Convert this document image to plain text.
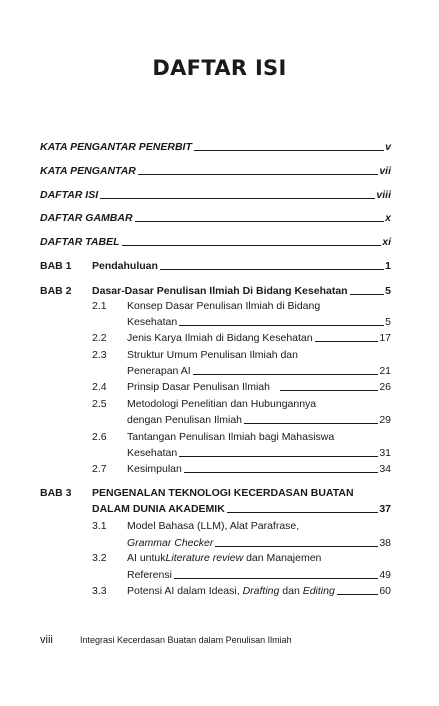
DAFTAR ISI
KATA PENGANTAR PENERBIT	v
KATA PENGANTAR	vii
DAFTAR ISI	viii
DAFTAR GAMBAR	x
DAFTAR TABEL	xi
BAB 1	Pendahuluan	1
BAB 2	Dasar-Dasar Penulisan Ilmiah Di Bidang Kesehatan	5
2.1	Konsep Dasar Penulisan Ilmiah di Bidang
Kesehatan	5
2.2	Jenis Karya Ilmiah di Bidang Kesehatan	17
2.3	Struktur Umum Penulisan Ilmiah dan
Penerapan AI	21
2.4	Prinsip Dasar Penulisan Ilmiah	26
2.5	Metodologi Penelitian dan Hubungannya
dengan Penulisan Ilmiah	29
2.6	Tantangan Penulisan Ilmiah bagi Mahasiswa
Kesehatan	31
2.7	Kesimpulan	34
BAB 3	PENGENALAN TEKNOLOGI KECERDASAN BUATAN
DALAM DUNIA AKADEMIK	37
3.1	Model Bahasa (LLM), Alat Parafrase,
Grammar Checker	38
3.2	AI untuk Literature review dan Manajemen
Referensi	49
3.3	Potensi AI dalam Ideasi, Drafting dan Editing	60
viii	Integrasi Kecerdasan Buatan dalam Penulisan Ilmiah
